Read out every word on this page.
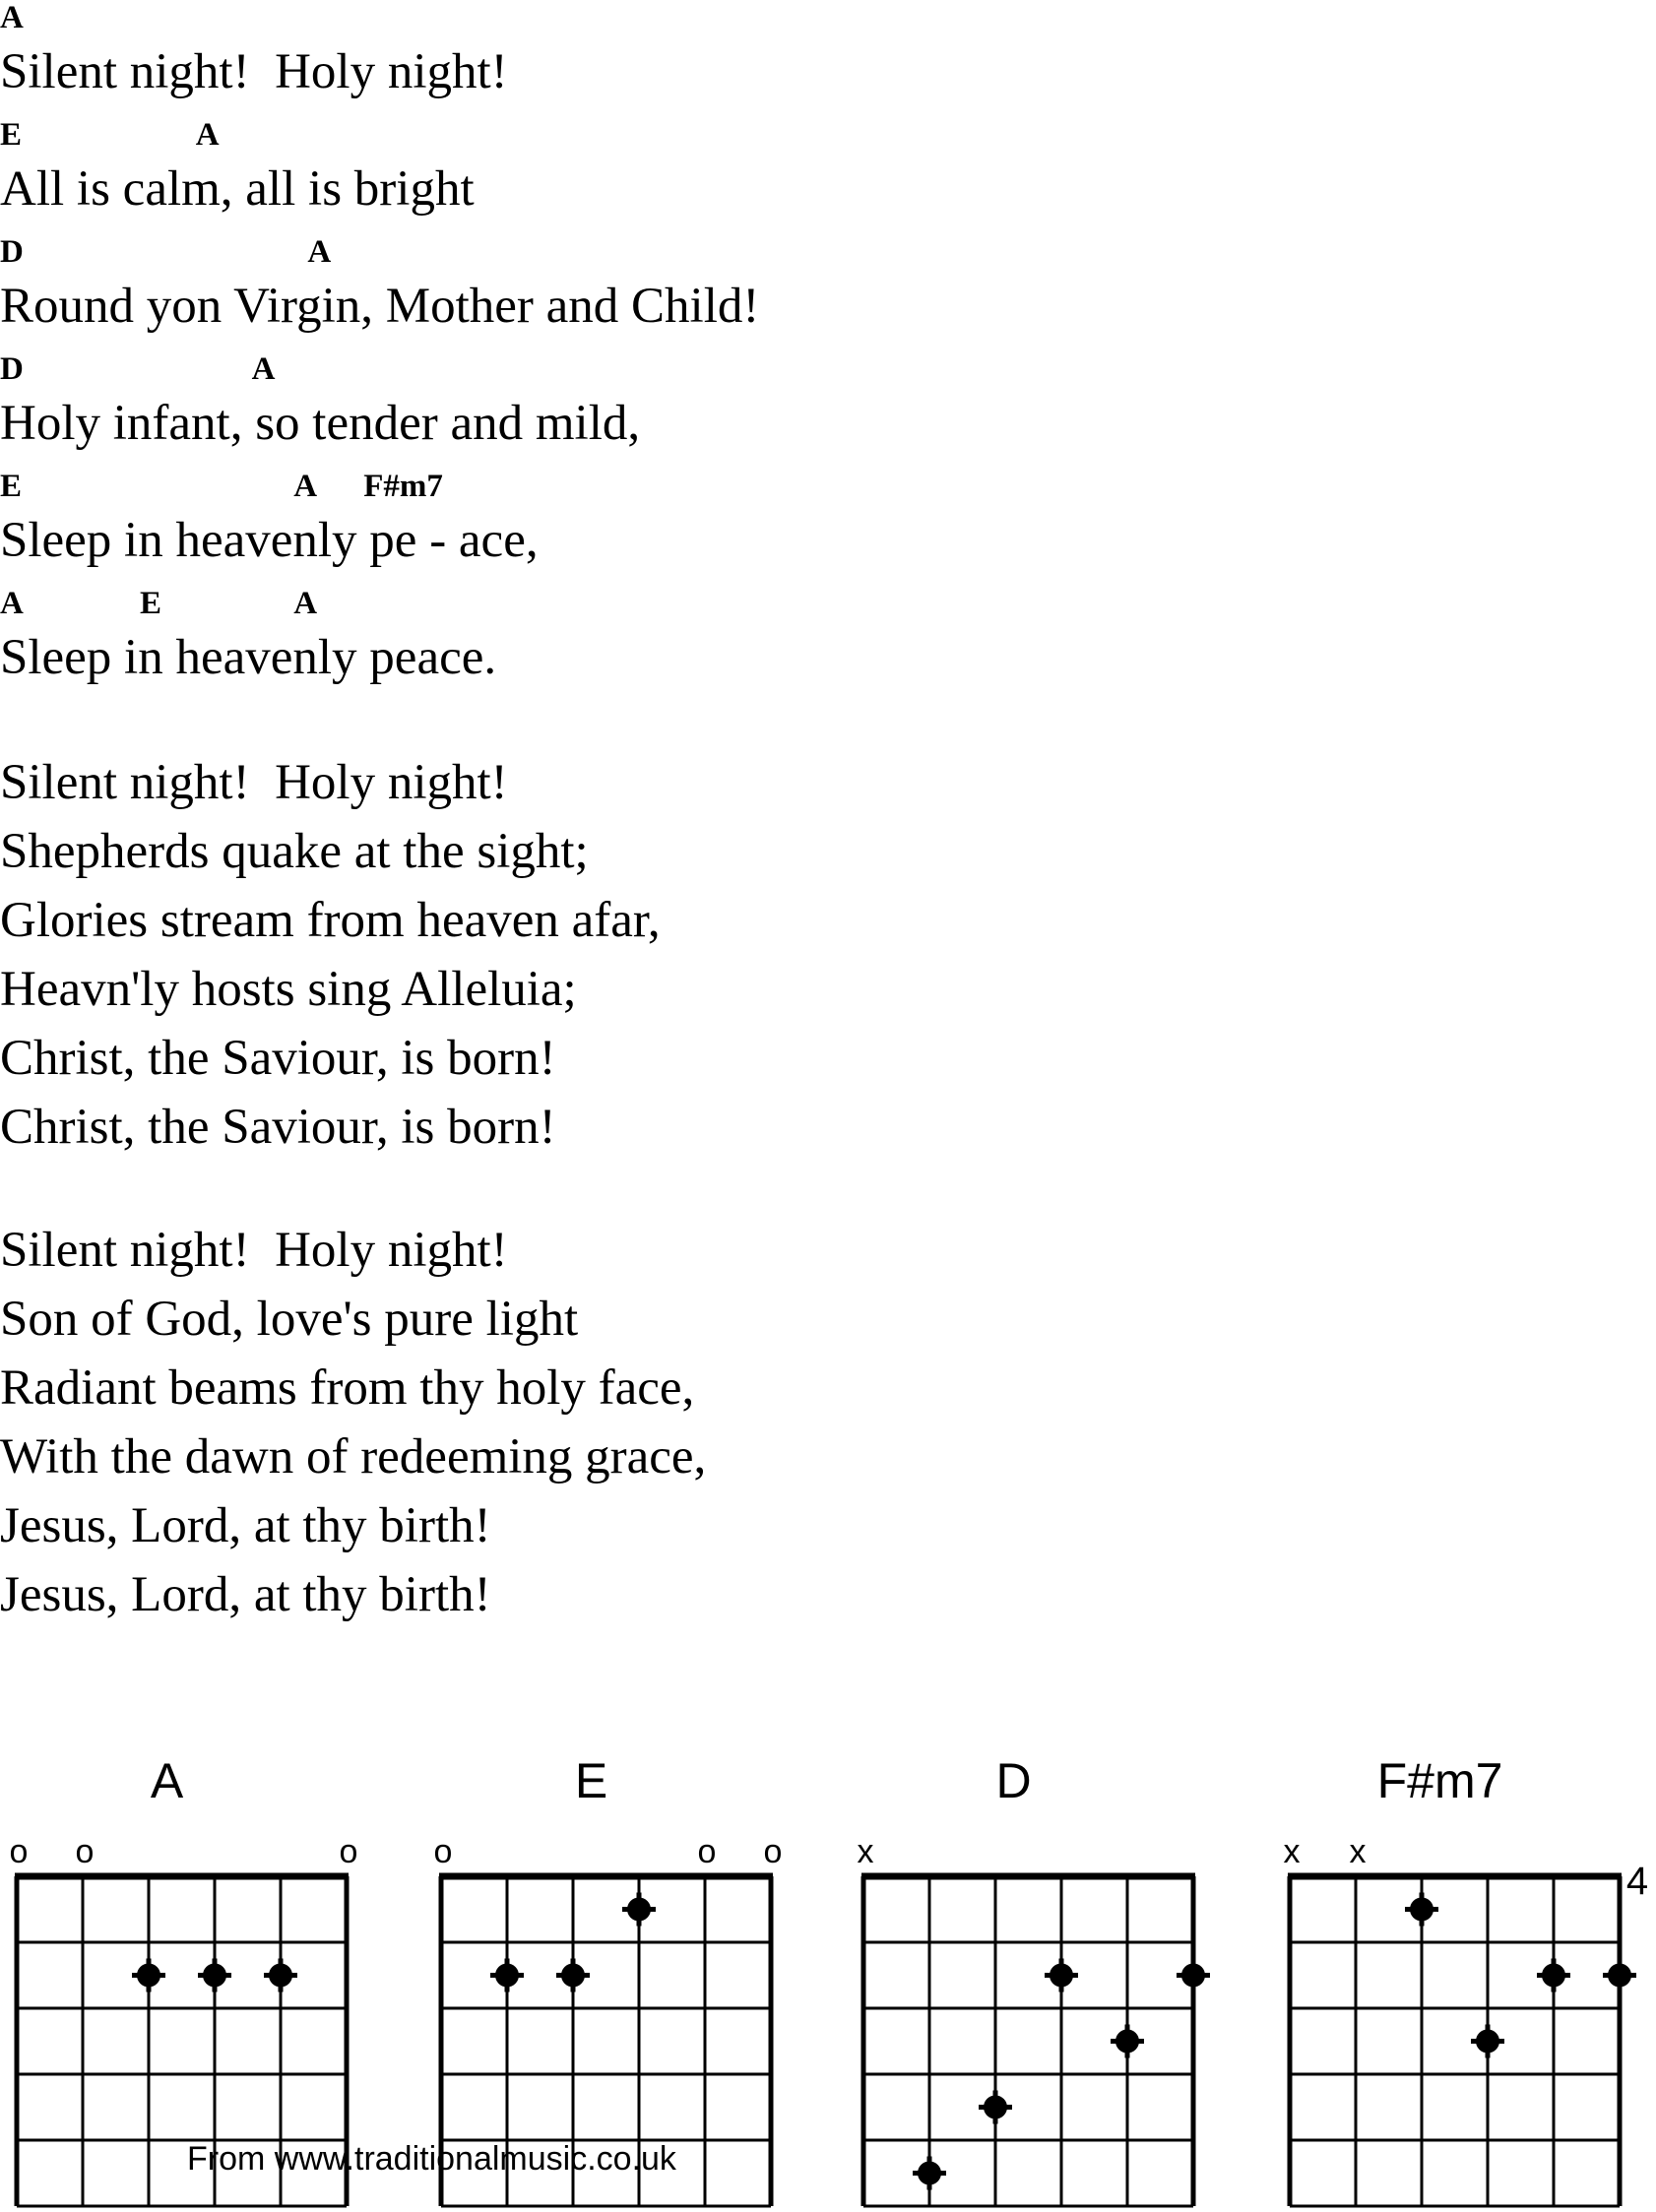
A
Silent night!  Holy night!
E	A
All is calm, all is bright
D	A
Round yon Virgin, Mother and Child!
D	A
Holy infant, so tender and mild,
E	A F#m7
Sleep in heavenly pe - ace,
A	E	A
Sleep in heavenly peace.
Silent night!  Holy night!
Shepherds quake at the sight;
Glories stream from heaven afar,
Heavn'ly hosts sing Alleluia;
Christ, the Saviour, is born!
Christ, the Saviour, is born!
Silent night!  Holy night!
Son of God, love's pure light
Radiant beams from thy holy face,
With the dawn of redeeming grace,
Jesus, Lord, at thy birth!
Jesus, Lord, at thy birth!
A
o o	o
E
o	o o
D
x
F#m7
x x
4
From www.traditionalmusic.co.uk
